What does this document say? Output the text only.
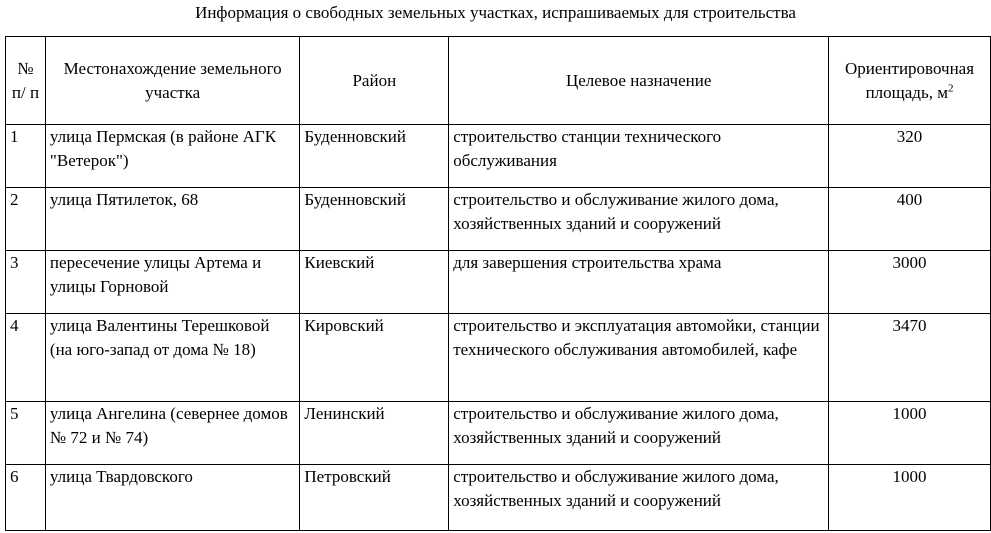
Информация о свободных земельных участках, испрашиваемых для строительства
№ п/ п	Местонахождение земельного участка	Район	Целевое назначение	Ориентировочная площадь, $м^2$
1	улица Пермская (в районе АГК "Ветерок")	Буденновский	строительство станции технического обслуживания	320
2	улица Пятилеток, 68	Буденновский	строительство и обслуживание жилого дома, хозяйственных зданий и сооружений	400
3	пересечение улицы Артема и улицы Горновой	Киевский	для завершения строительства храма	3000
4	улица Валентины Терешковой (на юго-запад от дома № 18)	Кировский	строительство и эксплуатация автомойки, станции технического обслуживания автомобилей, кафе	3470
5	улица Ангелина (севернее домов № 72 и № 74)	Ленинский	строительство и обслуживание жилого дома, хозяйственных зданий и сооружений	1000
6	улица Твардовского	Петровский	строительство и обслуживание жилого дома, хозяйственных зданий и сооружений	1000
